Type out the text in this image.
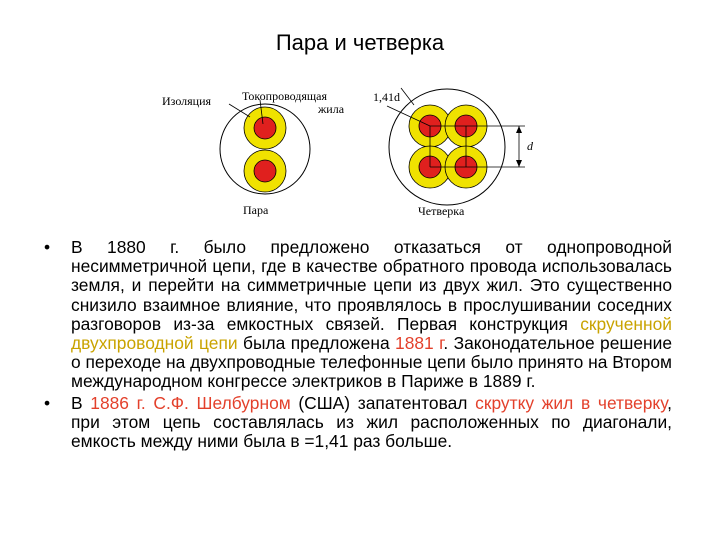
Пара и четверка
Изоляция	Токопроводящая
жила
Пара
1,41d
d
Четверка
• В 1880 г. было предложено отказаться от однопроводной несимметричной цепи, где в качестве обратного провода использовалась земля, и перейти на симметричные цепи из двух жил. Это существенно снизило взаимное влияние, что проявлялось в прослушивании соседних разговоров из-за емкостных связей. Первая конструкция скрученной двухпроводной цепи была предложена 1881 г. Законодательное решение о переходе на двухпроводные телефонные цепи было принято на Втором международном конгрессе электриков в Париже в 1889 г.
• В 1886 г. С.Ф. Шелбурном (США) запатентовал скрутку жил в четверку, при этом цепь составлялась из жил расположенных по диагонали, емкость между ними была в =1,41 раз больше.
